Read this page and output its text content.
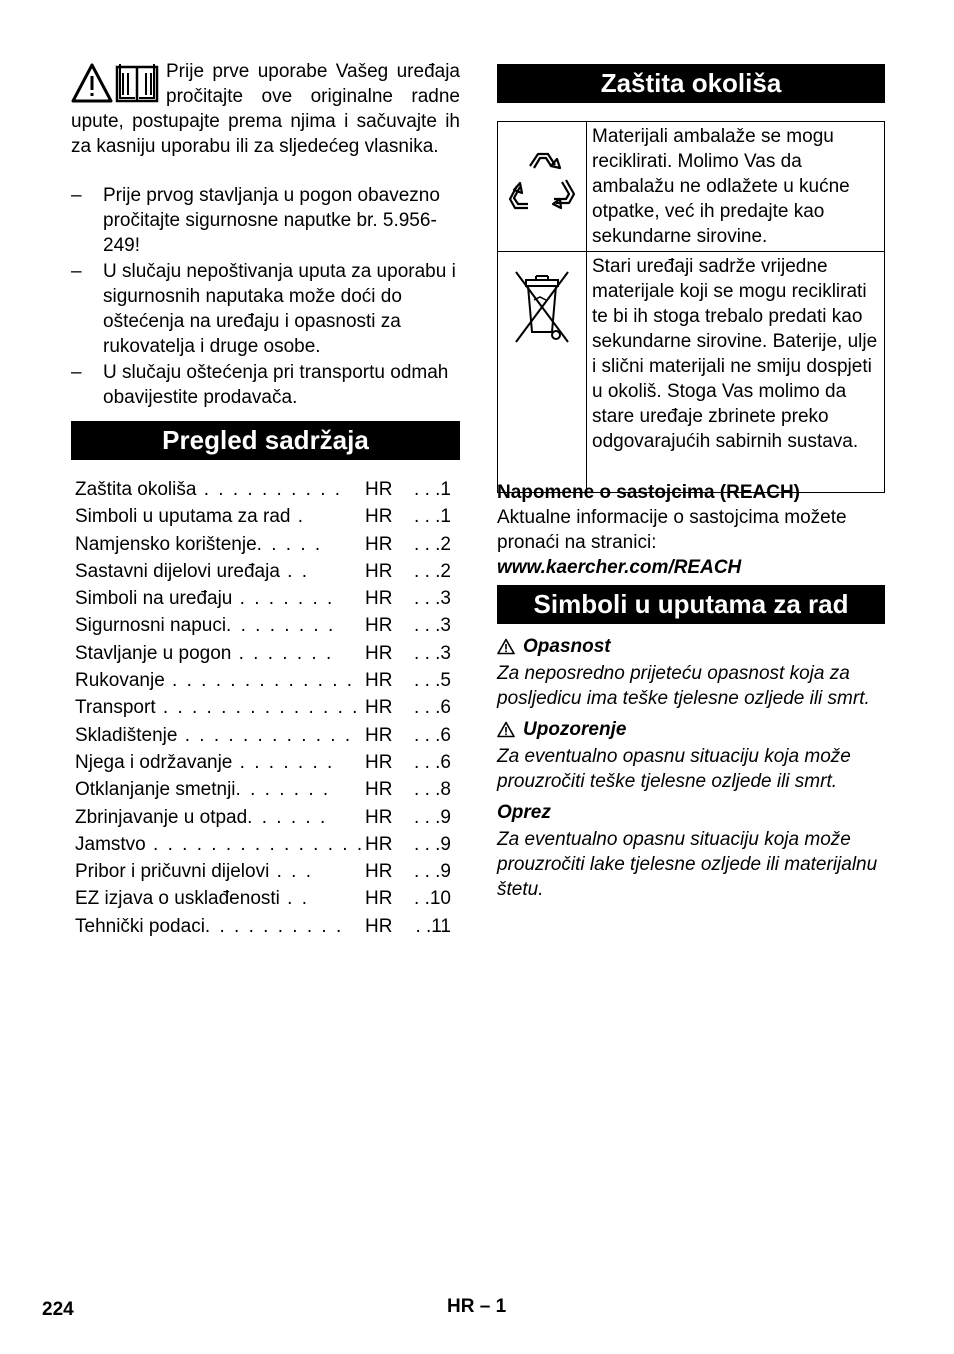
Prije prve uporabe Vašeg uređaja pročitajte ove originalne radne upute, postupajte prema njima i sačuvajte ih za kasniju uporabu ili za sljedećeg vlasnika.
–	Prije prvog stavljanja u pogon obavezno pročitajte sigurnosne naputke br. 5.956-249!
–	U slučaju nepoštivanja uputa za uporabu i sigurnosnih naputaka može doći do oštećenja na uređaju i opasnosti za rukovatelja i druge osobe.
–	U slučaju oštećenja pri transportu odmah obavijestite prodavača.
Pregled sadržaja
Zaštita okoliša . . . . . . . . . . HR . . .1
Simboli u uputama za rad .	HR . . .1
Namjensko korištenje. . . . . HR . . .2
Sastavni dijelovi uređaja . .	HR . . .2
Simboli na uređaju . . . . . . . HR . . .3
Sigurnosni napuci. . . . . . . . HR . . .3
Stavljanje u pogon . . . . . . . HR . . .3
Rukovanje . . . . . . . . . . . . . HR . . .5
Transport . . . . . . . . . . . . . . HR . . .6
Skladištenje . . . . . . . . . . . . HR . . .6
Njega i održavanje . . . . . . . HR . . .6
Otklanjanje smetnji. . . . . . . HR . . .8
Zbrinjavanje u otpad. . . . . . HR . . .9
Jamstvo . . . . . . . . . . . . . . . HR . . .9
Pribor i pričuvni dijelovi . . .	HR . . .9
EZ izjava o usklađenosti . .	HR . .10
Tehnički podaci. . . . . . . . . . HR . .11
Zaštita okoliša
	Materijali ambalaže se mogu reciklirati. Molimo Vas da ambalažu ne odlažete u kućne otpatke, već ih predajte kao sekundarne sirovine.
	Stari uređaji sadrže vrijedne materijale koji se mogu reciklirati te bi ih stoga trebalo predati kao sekundarne sirovine. Baterije, ulje i slični materijali ne smiju dospjeti u okoliš. Stoga Vas molimo da stare uređaje zbrinete preko odgovarajućih sabirnih sustava.
Napomene o sastojcima (REACH)
Aktualne informacije o sastojcima možete pronaći na stranici:
www.kaercher.com/REACH
Simboli u uputama za rad
Opasnost

Za neposredno prijeteću opasnost koja za posljedicu ima teške tjelesne ozljede ili smrt.

Upozorenje

Za eventualno opasnu situaciju koja može prouzročiti teške tjelesne ozljede ili smrt.

Oprez

Za eventualno opasnu situaciju koja može prouzročiti lake tjelesne ozljede ili materijalnu štetu.

224	HR – 1
